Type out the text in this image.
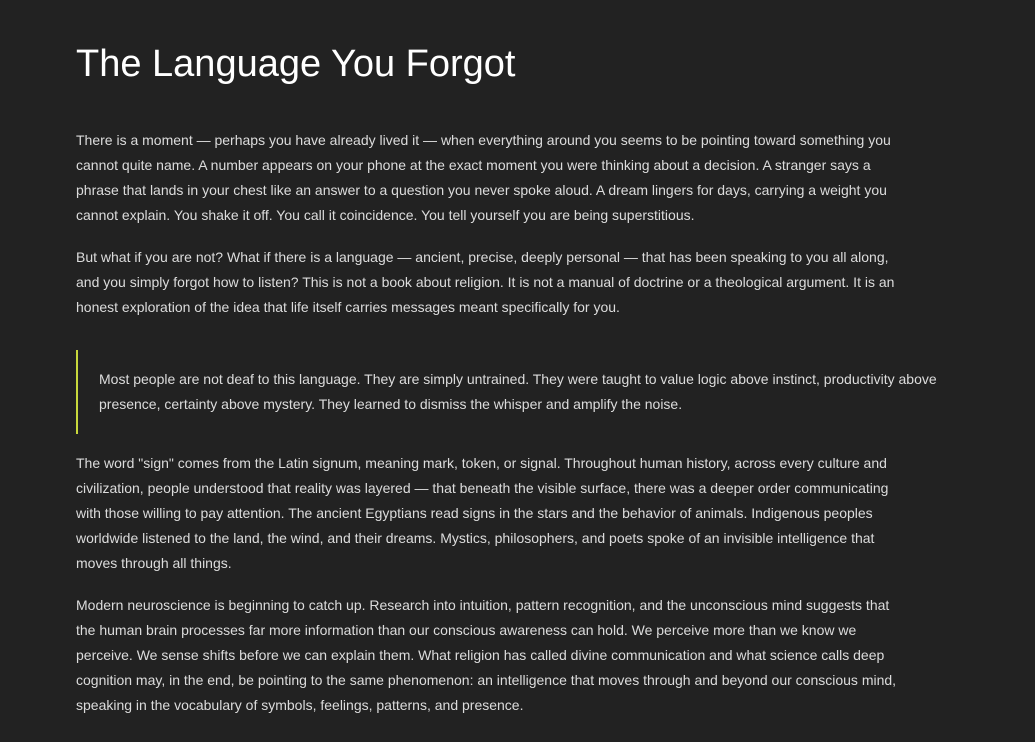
The Language You Forgot

There is a moment — perhaps you have already lived it — when everything around you seems to be pointing toward something you cannot quite name. A number appears on your phone at the exact moment you were thinking about a decision. A stranger says a phrase that lands in your chest like an answer to a question you never spoke aloud. A dream lingers for days, carrying a weight you cannot explain. You shake it off. You call it coincidence. You tell yourself you are being superstitious.

But what if you are not? What if there is a language — ancient, precise, deeply personal — that has been speaking to you all along, and you simply forgot how to listen? This is not a book about religion. It is not a manual of doctrine or a theological argument. It is an honest exploration of the idea that life itself carries messages meant specifically for you.

Most people are not deaf to this language. They are simply untrained. They were taught to value logic above instinct, productivity above presence, certainty above mystery. They learned to dismiss the whisper and amplify the noise.

The word "sign" comes from the Latin signum, meaning mark, token, or signal. Throughout human history, across every culture and civilization, people understood that reality was layered — that beneath the visible surface, there was a deeper order communicating with those willing to pay attention. The ancient Egyptians read signs in the stars and the behavior of animals. Indigenous peoples worldwide listened to the land, the wind, and their dreams. Mystics, philosophers, and poets spoke of an invisible intelligence that moves through all things.

Modern neuroscience is beginning to catch up. Research into intuition, pattern recognition, and the unconscious mind suggests that the human brain processes far more information than our conscious awareness can hold. We perceive more than we know we perceive. We sense shifts before we can explain them. What religion has called divine communication and what science calls deep cognition may, in the end, be pointing to the same phenomenon: an intelligence that moves through and beyond our conscious mind, speaking in the vocabulary of symbols, feelings, patterns, and presence.
